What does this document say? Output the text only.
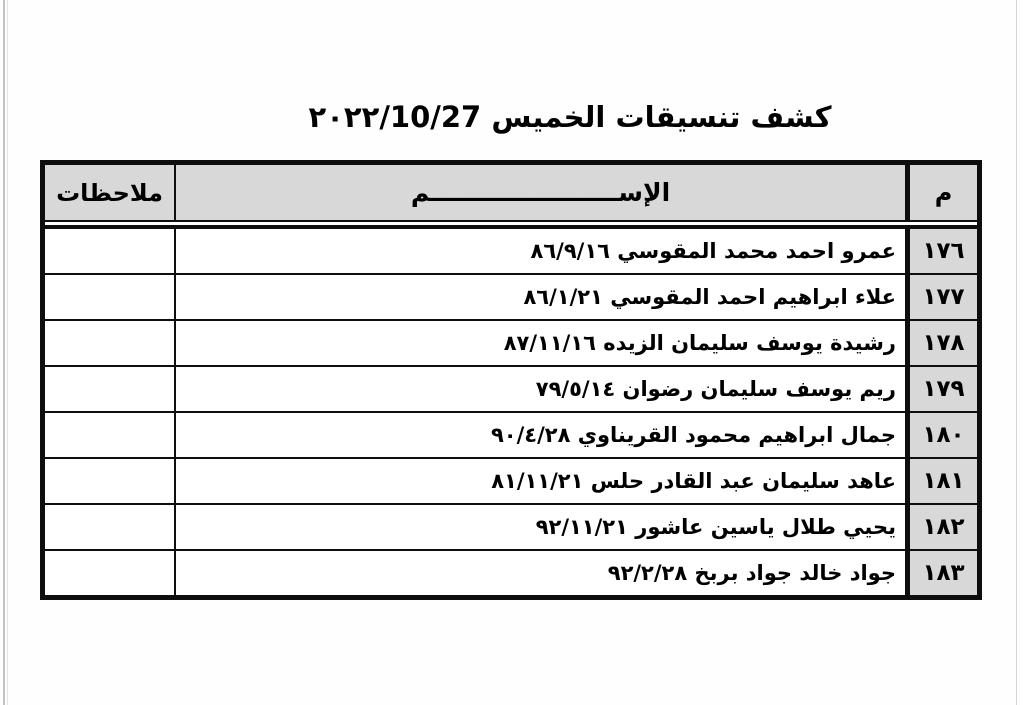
كشف تنسيقات الخميس ٢٠٢٢/10/27
م
الإســــــــــــــــــــــم
ملاحظات
١٧٦
عمرو احمد محمد المقوسي ٨٦/٩/١٦
١٧٧
علاء ابراهيم احمد المقوسي ٨٦/١/٢١
١٧٨
رشيدة يوسف سليمان الزيده ٨٧/١١/١٦
١٧٩
ريم يوسف سليمان رضوان ٧٩/٥/١٤
١٨٠
جمال ابراهيم محمود القريناوي ٩٠/٤/٢٨
١٨١
عاهد سليمان عبد القادر حلس ٨١/١١/٢١
١٨٢
يحيي طلال ياسين عاشور ٩٢/١١/٢١
١٨٣
جواد خالد جواد بربخ ٩٢/٢/٢٨
